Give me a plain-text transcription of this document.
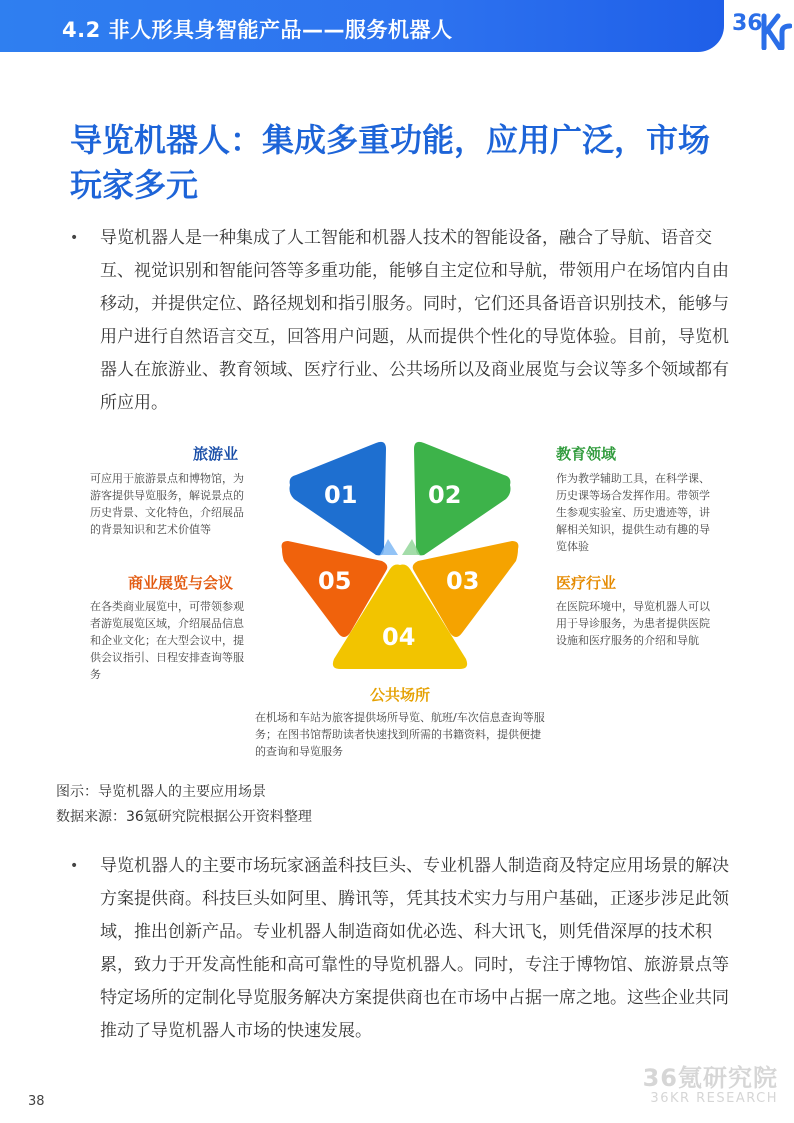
4.2 非人形具身智能产品——服务机器人	36
导览机器人：集成多重功能，应用广泛，市场玩家多元
• 导览机器人是一种集成了人工智能和机器人技术的智能设备，融合了导航、语音交互、视觉识别和智能问答等多重功能，能够自主定位和导航，带领用户在场馆内自由移动，并提供定位、路径规划和指引服务。同时，它们还具备语音识别技术，能够与用户进行自然语言交互，回答用户问题，从而提供个性化的导览体验。目前，导览机器人在旅游业、教育领域、医疗行业、公共场所以及商业展览与会议等多个领域都有所应用。
旅游业
可应用于旅游景点和博物馆，为游客提供导览服务，解说景点的历史背景、文化特色，介绍展品的背景知识和艺术价值等
教育领域
作为教学辅助工具，在科学课、历史课等场合发挥作用。带领学生参观实验室、历史遗迹等，讲解相关知识，提供生动有趣的导览体验
商业展览与会议
在各类商业展览中，可带领参观者游览展览区域，介绍展品信息和企业文化；在大型会议中，提供会议指引、日程安排查询等服务
医疗行业
在医院环境中，导览机器人可以用于导诊服务，为患者提供医院设施和医疗服务的介绍和导航
公共场所
在机场和车站为旅客提供场所导览、航班/车次信息查询等服务；在图书馆帮助读者快速找到所需的书籍资料，提供便捷的查询和导览服务
01	02
05	03
04
图示：导览机器人的主要应用场景
数据来源：36氪研究院根据公开资料整理
• 导览机器人的主要市场玩家涵盖科技巨头、专业机器人制造商及特定应用场景的解决方案提供商。科技巨头如阿里、腾讯等，凭其技术实力与用户基础，正逐步涉足此领域，推出创新产品。专业机器人制造商如优必选、科大讯飞，则凭借深厚的技术积累，致力于开发高性能和高可靠性的导览机器人。同时，专注于博物馆、旅游景点等特定场所的定制化导览服务解决方案提供商也在市场中占据一席之地。这些企业共同推动了导览机器人市场的快速发展。
36氪研究院
36KR RESEARCH
38
